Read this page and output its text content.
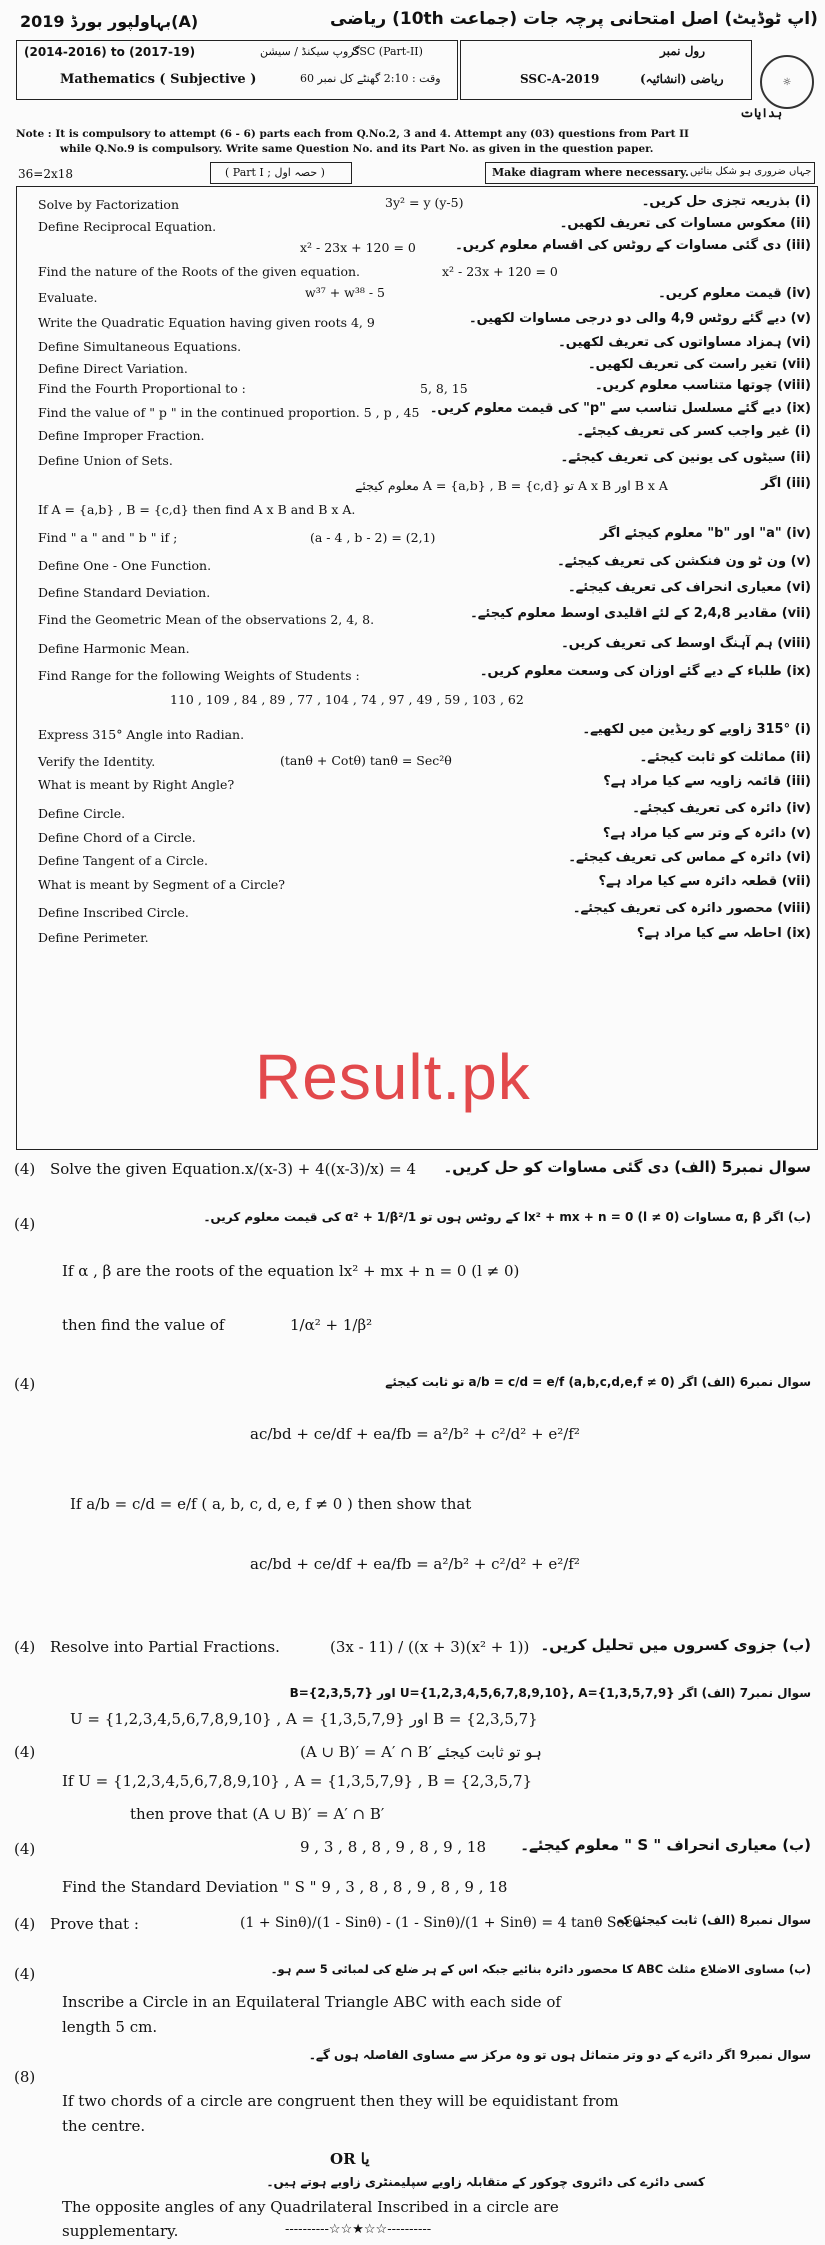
بہاولپور بورڈ 2019(A)	(اپ ٹوڈیٹ) اصل امتحانی پرچہ جات (جماعت 10th) ریاضی
(2014-2016) to (2017-19)	گروپ سیکنڈ / سیشن
SSC (Part-II)
Mathematics ( Subjective )	وقت : 2:10 گھنٹے کل نمبر 60
رول نمبر
SSC-A-2019	ریاضی (انشائیہ)	☼
ہدایات
Note : It is compulsory to attempt (6 - 6) parts each from Q.No.2, 3 and 4. Attempt any (03) questions from Part II
while Q.No.9 is compulsory. Write same Question No. and its Part No. as given in the question paper.
36=2x18	( Part I ; حصہ اول )	Make diagram where necessary. جہاں ضروری ہو شکل بنائیں
Solve by Factorization	3y² = y (y-5)	(i) بذریعہ تجزی حل کریں۔
Define Reciprocal Equation.	(ii) معکوس مساوات کی تعریف لکھیں۔
x² - 23x + 120 = 0	(iii) دی گئی مساوات کے روٹس کی اقسام معلوم کریں۔
Find the nature of the Roots of the given equation.	x² - 23x + 120 = 0
Evaluate.	w³⁷ + w³⁸ - 5	(iv) قیمت معلوم کریں۔
Write the Quadratic Equation having given roots 4, 9	(v) دیے گئے روٹس 4,9 والی دو درجی مساوات لکھیں۔
Define Simultaneous Equations.	(vi) ہمزاد مساواتوں کی تعریف لکھیں۔
Define Direct Variation.	(vii) تغیر راست کی تعریف لکھیں۔
Find the Fourth Proportional to :	5, 8, 15	(viii) چوتھا متناسب معلوم کریں۔
Find the value of " p " in the continued proportion. 5 , p , 45 (ix) دیے گئے مسلسل تناسب سے "p" کی قیمت معلوم کریں۔
Define Improper Fraction.	(i) غیر واجب کسر کی تعریف کیجئے۔
Define Union of Sets.	(ii) سیٹوں کی یونین کی تعریف کیجئے۔
B x A اور A x B تو A = {a,b} , B = {c,d} معلوم کیجئے	(iii) اگر
If A = {a,b} , B = {c,d} then find A x B and B x A.
Find " a " and " b " if ;	(a - 4 , b - 2) = (2,1)	(iv) "a" اور "b" معلوم کیجئے اگر
Define One - One Function.	(v) ون ٹو ون فنکشن کی تعریف کیجئے۔
Define Standard Deviation.	(vi) معیاری انحراف کی تعریف کیجئے۔
Find the Geometric Mean of the observations 2, 4, 8.	(vii) مقادیر 2,4,8 کے لئے اقلیدی اوسط معلوم کیجئے۔
Define Harmonic Mean.	(viii) ہم آہنگ اوسط کی تعریف کریں۔
Find Range for the following Weights of Students :	(ix) طلباء کے دیے گئے اوزان کی وسعت معلوم کریں۔
110 , 109 , 84 , 89 , 77 , 104 , 74 , 97 , 49 , 59 , 103 , 62
Express 315° Angle into Radian.	(i) 315° زاویے کو ریڈین میں لکھیے۔
Verify the Identity.	(tanθ + Cotθ) tanθ = Sec²θ	(ii) مماثلت کو ثابت کیجئے۔
What is meant by Right Angle?	(iii) قائمہ زاویہ سے کیا مراد ہے؟
Define Circle.	(iv) دائرہ کی تعریف کیجئے۔
Define Chord of a Circle.	(v) دائرہ کے وتر سے کیا مراد ہے؟
Define Tangent of a Circle.	(vi) دائرہ کے مماس کی تعریف کیجئے۔
What is meant by Segment of a Circle?	(vii) قطعہ دائرہ سے کیا مراد ہے؟
Define Inscribed Circle.	(viii) محصور دائرہ کی تعریف کیجئے۔
Define Perimeter.	(ix) احاطہ سے کیا مراد ہے؟
Result.pk
(4) Solve the given Equation. x/(x-3) + 4((x-3)/x) = 4 سوال نمبر5 (الف) دی گئی مساوات کو حل کریں۔
(4)	(ب) اگر α, β مساوات lx² + mx + n = 0 (l ≠ 0) کے روٹس ہوں تو 1/α² + 1/β² کی قیمت معلوم کریں۔
If α , β are the roots of the equation lx² + mx + n = 0 (l ≠ 0)
then find the value of	1/α² + 1/β²
(4)	سوال نمبر6 (الف) اگر a/b = c/d = e/f (a,b,c,d,e,f ≠ 0) تو ثابت کیجئے
ac/bd + ce/df + ea/fb = a²/b² + c²/d² + e²/f²
If a/b = c/d = e/f ( a, b, c, d, e, f ≠ 0 ) then show that
ac/bd + ce/df + ea/fb = a²/b² + c²/d² + e²/f²
(4) Resolve into Partial Fractions.	(3x - 11) / ((x + 3)(x² + 1)) (ب) جزوی کسروں میں تحلیل کریں۔
سوال نمبر7 (الف) اگر U={1,2,3,4,5,6,7,8,9,10}, A={1,3,5,7,9} اور B={2,3,5,7}
U = {1,2,3,4,5,6,7,8,9,10} , A = {1,3,5,7,9} اور B = {2,3,5,7}
(4)	(A ∪ B)′ = A′ ∩ B′ ہو تو ثابت کیجئے
If U = {1,2,3,4,5,6,7,8,9,10} , A = {1,3,5,7,9} , B = {2,3,5,7}
then prove that (A ∪ B)′ = A′ ∩ B′
(4)	9 , 3 , 8 , 8 , 9 , 8 , 9 , 18 (ب) معیاری انحراف " S " معلوم کیجئے۔
Find the Standard Deviation " S " 9 , 3 , 8 , 8 , 9 , 8 , 9 , 18
(4) Prove that :	(1 + Sinθ)/(1 - Sinθ) - (1 - Sinθ)/(1 + Sinθ) = 4 tanθ Secθ
سوال نمبر8 (الف) ثابت کیجئے کہ
(4)	(ب) مساوی الاضلاع مثلث ABC کا محصور دائرہ بنائیے جبکہ اس کے ہر ضلع کی لمبائی 5 سم ہو۔
Inscribe a Circle in an Equilateral Triangle ABC with each side of
length 5 cm.
سوال نمبر9 اگر دائرے کے دو وتر متماثل ہوں تو وہ مرکز سے مساوی الفاصلہ ہوں گے۔
(8)
If two chords of a circle are congruent then they will be equidistant from
the centre.
OR یا
کسی دائرے کی دائروی چوکور کے متقابلہ زاویے سپلیمنٹری زاویے ہوتے ہیں۔
The opposite angles of any Quadrilateral Inscribed in a circle are
supplementary.	----------☆☆★☆☆----------
